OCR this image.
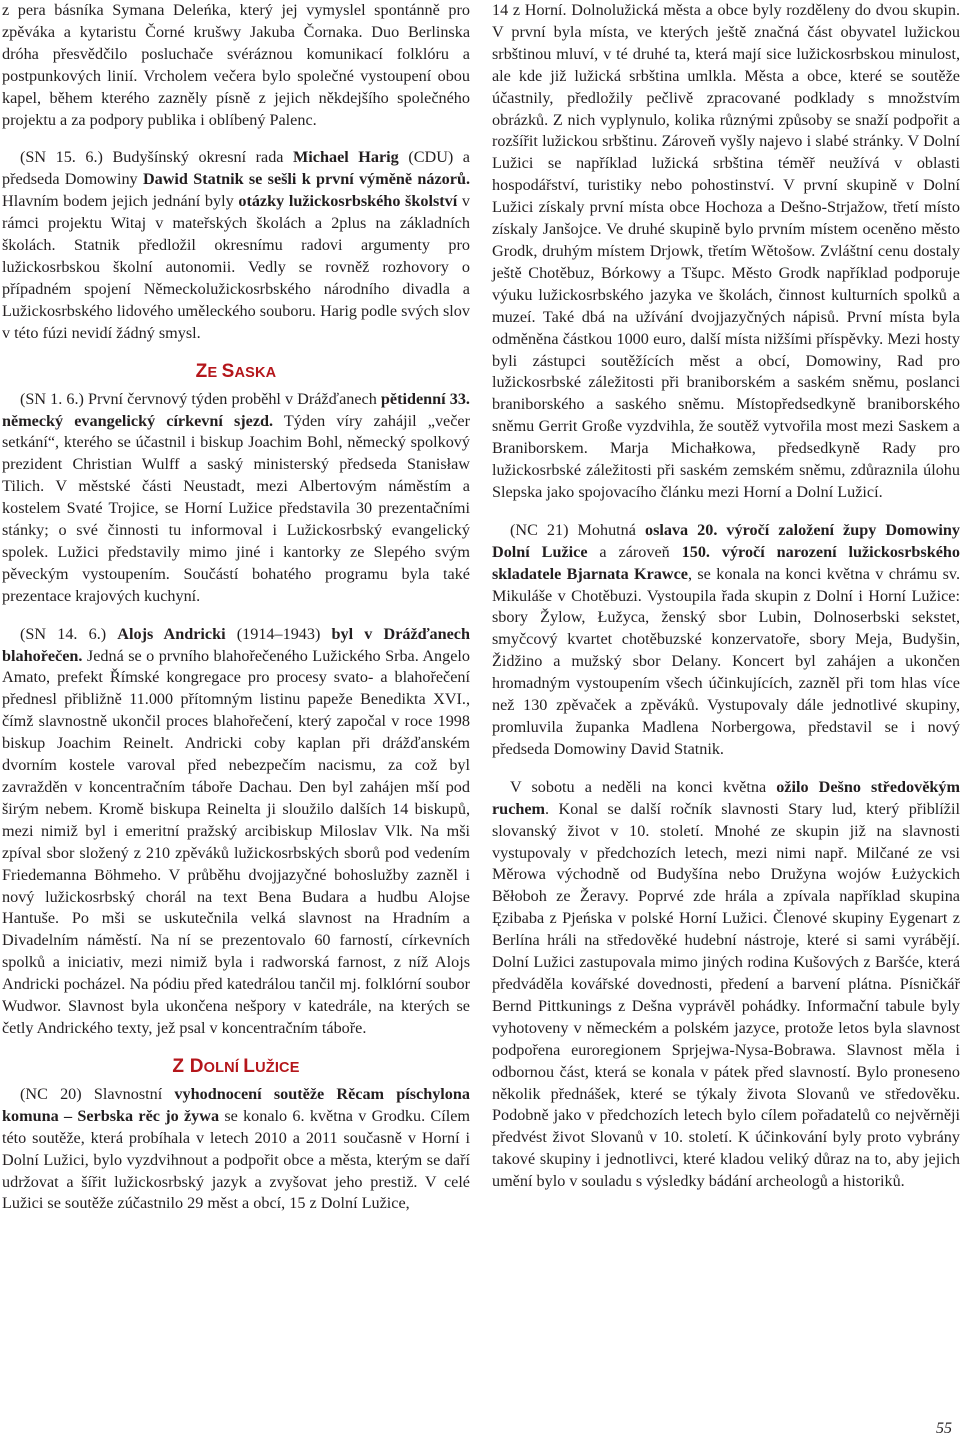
z pera básníka Symana Deleńka, který jej vymyslel spontánně pro zpěváka a kytaristu Čorné krušwy Jakuba Čornaka. Duo Berlinska dróha přesvědčilo posluchače svéráznou komunikací folklóru a postpunkových linií. Vrcholem večera bylo společné vystoupení obou kapel, během kterého zazněly písně z jejich někdejšího společného projektu a za podpory publika i oblíbený Palenc.

(SN 15. 6.) Budyšínský okresní rada Michael Harig (CDU) a předseda Domowiny Dawid Statnik se sešli k první výměně názorů. Hlavním bodem jejich jednání byly otázky lužickosrbského školství v rámci projektu Witaj v mateřských školách a 2plus na základních školách. Statnik předložil okresnímu radovi argumenty pro lužickosrbskou školní autonomii. Vedly se rovněž rozhovory o případném spojení Německolužickosrbského národního divadla a Lužickosrbského lidového uměleckého souboru. Harig podle svých slov v této fúzi nevidí žádný smysl.

ZE SASKA

(SN 1. 6.) První červnový týden proběhl v Drážďanech pětidenní 33. německý evangelický církevní sjezd. Týden víry zahájil „večer setkání“, kterého se účastnil i biskup Joachim Bohl, německý spolkový prezident Christian Wulff a saský ministerský předseda Stanisław Tilich. V městské části Neustadt, mezi Albertovým náměstím a kostelem Svaté Trojice, se Horní Lužice představila 30 prezentačními stánky; o své činnosti tu informoval i Lužickosrbský evangelický spolek. Lužici představily mimo jiné i kantorky ze Slepého svým pěveckým vystoupením. Součástí bohatého programu byla také prezentace krajových kuchyní.

(SN 14. 6.) Alojs Andricki (1914–1943) byl v Drážďanech blahořečen. Jedná se o prvního blahořečeného Lužického Srba. Angelo Amato, prefekt Římské kongregace pro procesy svato- a blahořečení přednesl přibližně 11.000 přítomným listinu papeže Benedikta XVI., čímž slavnostně ukončil proces blahořečení, který započal v roce 1998 biskup Joachim Reinelt. Andricki coby kaplan při drážďanském dvorním kostele varoval před nebezpečím nacismu, za což byl zavražděn v koncentračním táboře Dachau. Den byl zahájen mší pod širým nebem. Kromě biskupa Reinelta ji sloužilo dalších 14 biskupů, mezi nimiž byl i emeritní pražský arcibiskup Miloslav Vlk. Na mši zpíval sbor složený z 210 zpěváků lužickosrbských sborů pod vedením Friedemanna Böhmeho. V průběhu dvojjazyčné bohoslužby zazněl i nový lužickosrbský chorál na text Bena Budara a hudbu Alojse Hantuše. Po mši se uskutečnila velká slavnost na Hradním a Divadelním náměstí. Na ní se prezentovalo 60 farností, církevních spolků a iniciativ, mezi nimiž byla i radworská farnost, z níž Alojs Andricki pocházel. Na pódiu před katedrálou tančil mj. folklórní soubor Wudwor. Slavnost byla ukončena nešpory v katedrále, na kterých se četly Andrického texty, jež psal v koncentračním táboře.

Z DOLNÍ LUŽICE

(NC 20) Slavnostní vyhodnocení soutěže Rěcam píschylona komuna – Serbska rěc jo žywa se konalo 6. května v Grodku. Cílem této soutěže, která probíhala v letech 2010 a 2011 současně v Horní i Dolní Lužici, bylo vyzdvihnout a podpořit obce a města, kterým se daří udržovat a šířit lužickosrbský jazyk a zvyšovat jeho prestiž. V celé Lužici se soutěže zúčastnilo 29 měst a obcí, 15 z Dolní Lužice,

14 z Horní. Dolnolužická města a obce byly rozděleny do dvou skupin. V první byla místa, ve kterých ještě značná část obyvatel lužickou srbštinou mluví, v té druhé ta, která mají sice lužickosrbskou minulost, ale kde již lužická srbština umlkla. Města a obce, které se soutěže účastnily, předložily pečlivě zpracované podklady s množstvím obrázků. Z nich vyplynulo, kolika různými způsoby se snaží podpořit a rozšířit lužickou srbštinu. Zároveň vyšly najevo i slabé stránky. V Dolní Lužici se například lužická srbština téměř neužívá v oblasti hospodářství, turistiky nebo pohostinství. V první skupině v Dolní Lužici získaly první místa obce Hochoza a Dešno-Strjažow, třetí místo získaly Janšojce. Ve druhé skupině bylo prvním místem oceněno město Grodk, druhým místem Drjowk, třetím Wětošow. Zvláštní cenu dostaly ještě Chotěbuz, Bórkowy a Tšupc. Město Grodk například podporuje výuku lužickosrbského jazyka ve školách, činnost kulturních spolků a muzeí. Také dbá na užívání dvojjazyčných nápisů. První místa byla odměněna částkou 1000 euro, další místa nižšími příspěvky. Mezi hosty byli zástupci soutěžících měst a obcí, Domowiny, Rad pro lužickosrbské záležitosti při braniborském a saském sněmu, poslanci braniborského a saského sněmu. Místopředsedkyně braniborského sněmu Gerrit Große vyzdvihla, že soutěž vytvořila most mezi Saskem a Braniborskem. Marja Michałkowa, předsedkyně Rady pro lužickosrbské záležitosti při saském zemském sněmu, zdůraznila úlohu Slepska jako spojovacího článku mezi Horní a Dolní Lužicí.

(NC 21) Mohutná oslava 20. výročí založení župy Domowiny Dolní Lužice a zároveň 150. výročí narození lužickosrbského skladatele Bjarnata Krawce, se konala na konci května v chrámu sv. Mikuláše v Chotěbuzi. Vystoupila řada skupin z Dolní i Horní Lužice: sbory Žylow, Łužyca, ženský sbor Lubin, Dolnoserbski sekstet, smyčcový kvartet chotěbuzské konzervatoře, sbory Meja, Budyšin, Židžino a mužský sbor Delany. Koncert byl zahájen a ukončen hromadným vystoupením všech účinkujících, zazněl při tom hlas více než 130 zpěvaček a zpěváků. Vystupovaly dále jednotlivé skupiny, promluvila županka Madlena Norbergowa, představil se i nový předseda Domowiny David Statnik.

V sobotu a neděli na konci května ožilo Dešno středověkým ruchem. Konal se další ročník slavnosti Stary lud, který přiblížil slovanský život v 10. století. Mnohé ze skupin již na slavnosti vystupovaly v předchozích letech, mezi nimi např. Milčané ze vsi Měrowa východně od Budyšína nebo Družyna wojów Łużyckich Běłoboh ze Žeravy. Poprvé zde hrála a zpívala například skupina Ęzibaba z Pjeńska v polské Horní Lužici. Členové skupiny Eygenart z Berlína hráli na středověké hudební nástroje, které si sami vyrábějí. Dolní Lužici zastupovala mimo jiných rodina Kušových z Baršće, která předváděla kovářské dovednosti, předení a barvení plátna. Písničkář Bernd Pittkunings z Dešna vyprávěl pohádky. Informační tabule byly vyhotoveny v německém a polském jazyce, protože letos byla slavnost podpořena euroregionem Sprjejwa-Nysa-Bobrawa. Slavnost měla i odbornou část, která se konala v pátek před slavností. Bylo proneseno několik přednášek, které se týkaly života Slovanů ve středověku. Podobně jako v předchozích letech bylo cílem pořadatelů co nejvěrněji předvést život Slovanů v 10. století. K účinkování byly proto vybrány takové skupiny i jednotlivci, které kladou veliký důraz na to, aby jejich umění bylo v souladu s výsledky bádání archeologů a historiků.

55
